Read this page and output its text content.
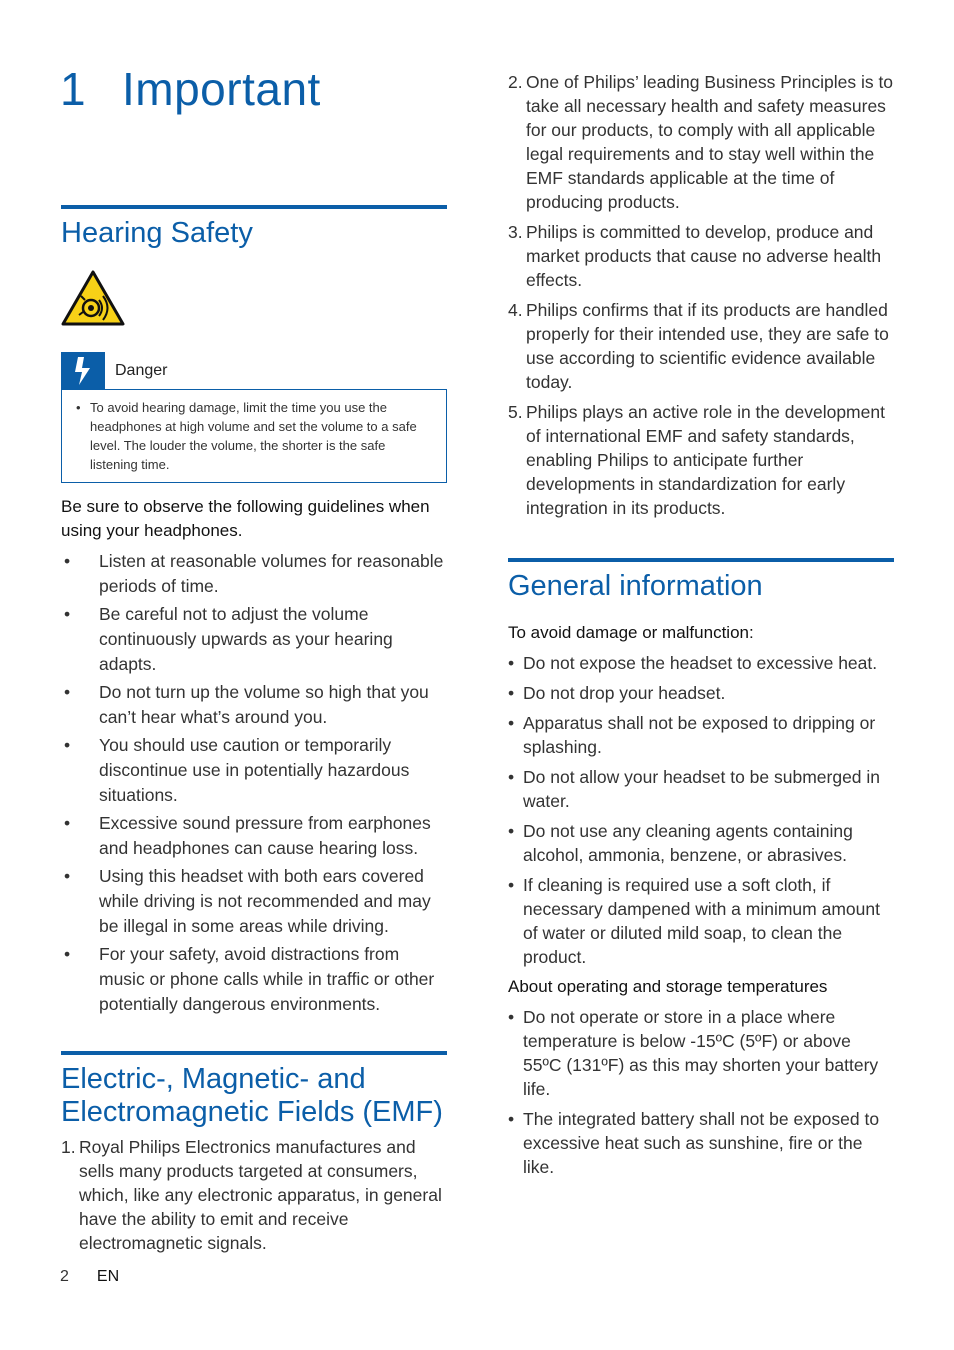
1 Important
Hearing Safety
Danger
• To avoid hearing damage, limit the time you use the headphones at high volume and set the volume to a safe level. The louder the volume, the shorter is the safe listening time.
Be sure to observe the following guidelines when using your headphones.
• Listen at reasonable volumes for reasonable periods of time.
• Be careful not to adjust the volume continuously upwards as your hearing adapts.
• Do not turn up the volume so high that you can’t hear what’s around you.
• You should use caution or temporarily discontinue use in potentially hazardous situations.
• Excessive sound pressure from earphones and headphones can cause hearing loss.
• Using this headset with both ears covered while driving is not recommended and may be illegal in some areas while driving.
• For your safety, avoid distractions from music or phone calls while in traffic or other potentially dangerous environments.
Electric-, Magnetic- and Electromagnetic Fields (EMF)
1. Royal Philips Electronics manufactures and sells many products targeted at consumers, which, like any electronic apparatus, in general have the ability to emit and receive electromagnetic signals.
2. One of Philips’ leading Business Principles is to take all necessary health and safety measures for our products, to comply with all applicable legal requirements and to stay well within the EMF standards applicable at the time of producing products.
3. Philips is committed to develop, produce and market products that cause no adverse health effects.
4. Philips confirms that if its products are handled properly for their intended use, they are safe to use according to scientific evidence available today.
5. Philips plays an active role in the development of international EMF and safety standards, enabling Philips to anticipate further developments in standardization for early integration in its products.
General information
To avoid damage or malfunction:
• Do not expose the headset to excessive heat.
• Do not drop your headset.
• Apparatus shall not be exposed to dripping or splashing.
• Do not allow your headset to be submerged in water.
• Do not use any cleaning agents containing alcohol, ammonia, benzene, or abrasives.
• If cleaning is required use a soft cloth, if necessary dampened with a minimum amount of water or diluted mild soap, to clean the product.
About operating and storage temperatures
• Do not operate or store in a place where temperature is below -15ºC (5ºF) or above 55ºC (131ºF) as this may shorten your battery life.
• The integrated battery shall not be exposed to excessive heat such as sunshine, fire or the like.
2 EN
